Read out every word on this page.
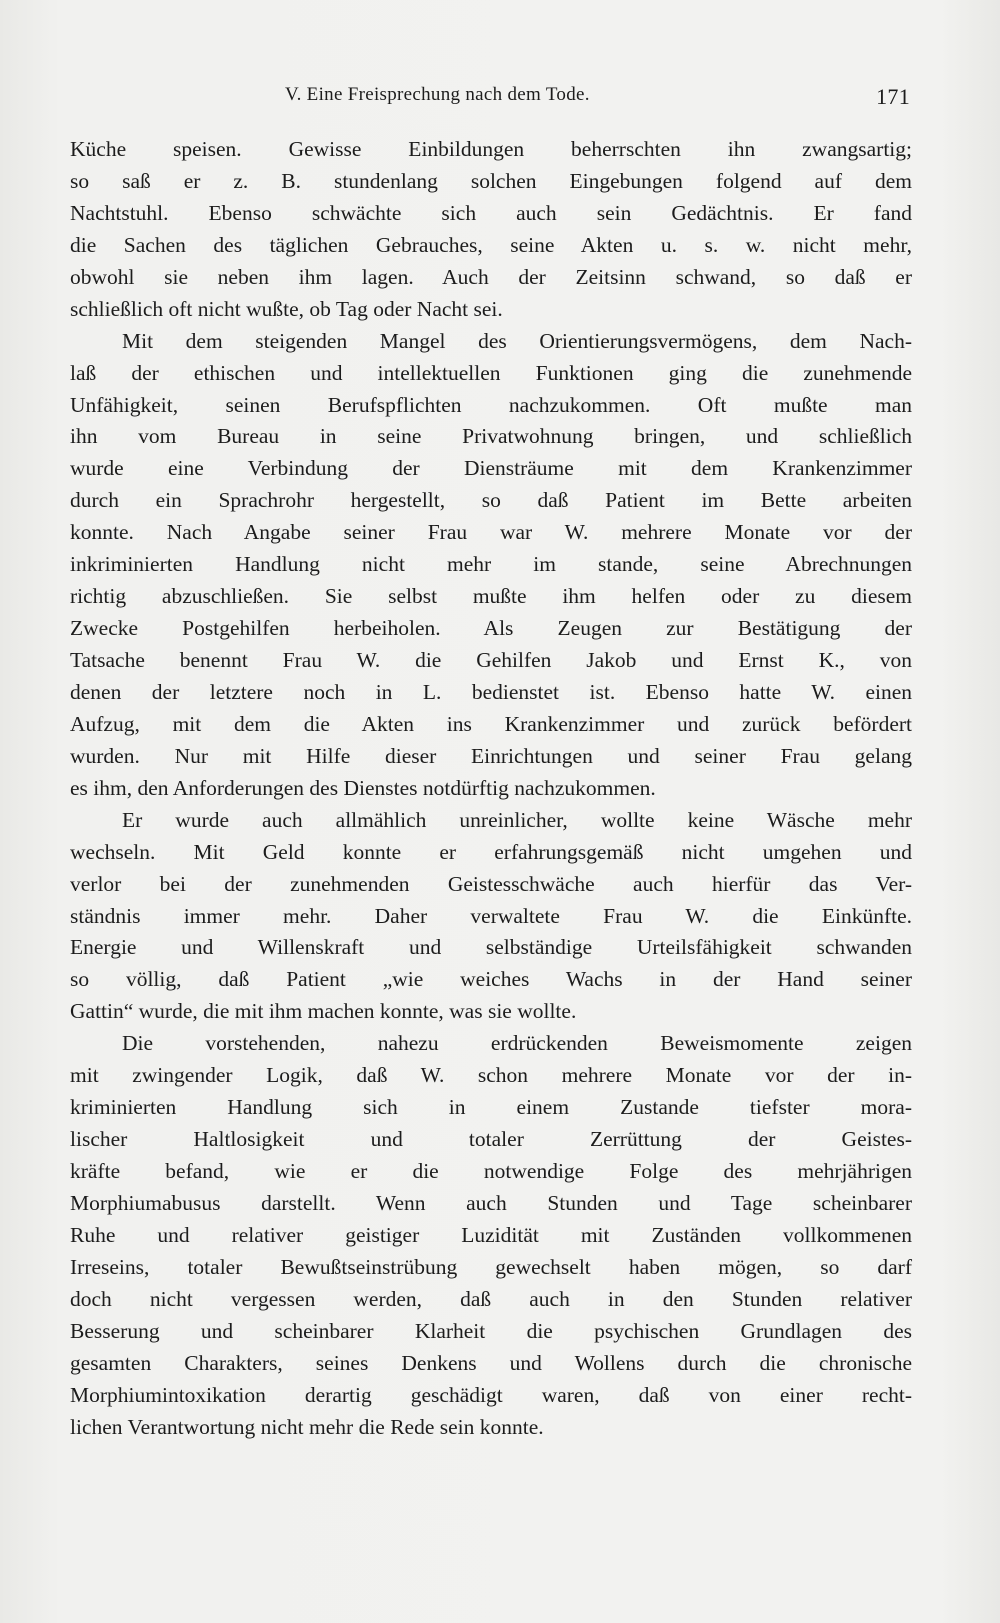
V. Eine Freisprechung nach dem Tode.	171
Küche speisen. Gewisse Einbildungen beherrschten ihn zwangsartig;
so saß er z. B. stundenlang solchen Eingebungen folgend auf dem
Nachtstuhl. Ebenso schwächte sich auch sein Gedächtnis. Er fand
die Sachen des täglichen Gebrauches, seine Akten u. s. w. nicht mehr,
obwohl sie neben ihm lagen. Auch der Zeitsinn schwand, so daß er
schließlich oft nicht wußte, ob Tag oder Nacht sei.
Mit dem steigenden Mangel des Orientierungsvermögens, dem Nach-
laß der ethischen und intellektuellen Funktionen ging die zunehmende
Unfähigkeit, seinen Berufspflichten nachzukommen. Oft mußte man
ihn vom Bureau in seine Privatwohnung bringen, und schließlich
wurde eine Verbindung der Diensträume mit dem Krankenzimmer
durch ein Sprachrohr hergestellt, so daß Patient im Bette arbeiten
konnte. Nach Angabe seiner Frau war W. mehrere Monate vor der
inkriminierten Handlung nicht mehr im stande, seine Abrechnungen
richtig abzuschließen. Sie selbst mußte ihm helfen oder zu diesem
Zwecke Postgehilfen herbeiholen. Als Zeugen zur Bestätigung der
Tatsache benennt Frau W. die Gehilfen Jakob und Ernst K., von
denen der letztere noch in L. bedienstet ist. Ebenso hatte W. einen
Aufzug, mit dem die Akten ins Krankenzimmer und zurück befördert
wurden. Nur mit Hilfe dieser Einrichtungen und seiner Frau gelang
es ihm, den Anforderungen des Dienstes notdürftig nachzukommen.
Er wurde auch allmählich unreinlicher, wollte keine Wäsche mehr
wechseln. Mit Geld konnte er erfahrungsgemäß nicht umgehen und
verlor bei der zunehmenden Geistesschwäche auch hierfür das Ver-
ständnis immer mehr. Daher verwaltete Frau W. die Einkünfte.
Energie und Willenskraft und selbständige Urteilsfähigkeit schwanden
so völlig, daß Patient „wie weiches Wachs in der Hand seiner
Gattin“ wurde, die mit ihm machen konnte, was sie wollte.
Die vorstehenden, nahezu erdrückenden Beweismomente zeigen
mit zwingender Logik, daß W. schon mehrere Monate vor der in-
kriminierten Handlung sich in einem Zustande tiefster mora-
lischer Haltlosigkeit und totaler Zerrüttung der Geistes-
kräfte befand, wie er die notwendige Folge des mehrjährigen
Morphiumabusus darstellt. Wenn auch Stunden und Tage scheinbarer
Ruhe und relativer geistiger Luzidität mit Zuständen vollkommenen
Irreseins, totaler Bewußtseinstrübung gewechselt haben mögen, so darf
doch nicht vergessen werden, daß auch in den Stunden relativer
Besserung und scheinbarer Klarheit die psychischen Grundlagen des
gesamten Charakters, seines Denkens und Wollens durch die chronische
Morphiumintoxikation derartig geschädigt waren, daß von einer recht-
lichen Verantwortung nicht mehr die Rede sein konnte.
